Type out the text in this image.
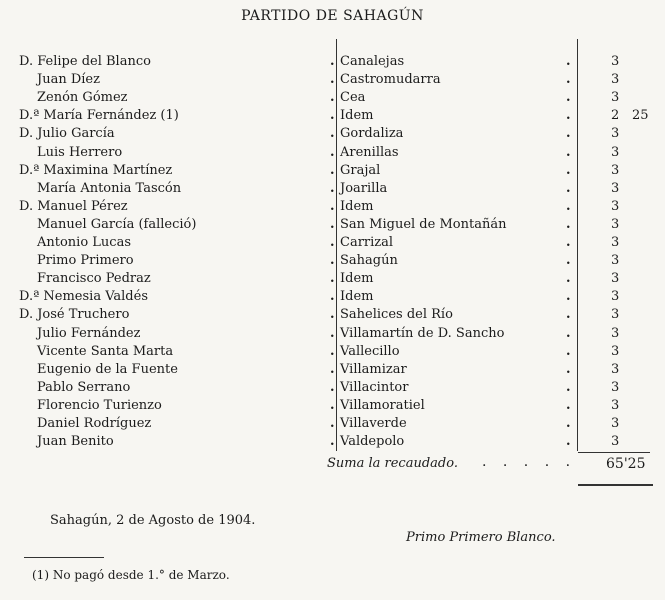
PARTIDO DE SAHAGÚN
D. Felipe del Blanco	. Canalejas	.	3
Juan Díez	. Castromudarra	.	3
Zenón Gómez	. Cea	.	3
D.ª María Fernández (1)	. Idem	.	2 25
D. Julio García	. Gordaliza	.	3
Luis Herrero	. Arenillas	.	3
D.ª Maximina Martínez	. Grajal	.	3
María Antonia Tascón	. Joarilla	.	3
D. Manuel Pérez	. Idem	.	3
Manuel García (falleció)	. San Miguel de Montañán	.	3
Antonio Lucas	. Carrizal	.	3
Primo Primero	. Sahagún	.	3
Francisco Pedraz	. Idem	.	3
D.ª Nemesia Valdés	. Idem	.	3
D. José Truchero	. Sahelices del Río	.	3
Julio Fernández	. Villamartín de D. Sancho	.	3
Vicente Santa Marta	. Vallecillo	.	3
Eugenio de la Fuente	. Villamizar	.	3
Pablo Serrano	. Villacintor	.	3
Florencio Turienzo	. Villamoratiel	.	3
Daniel Rodríguez	. Villaverde	.	3
Juan Benito	. Valdepolo	.	3
Suma la recaudado. . . . . . 65'25
Sahagún, 2 de Agosto de 1904.
Primo Primero Blanco.
(1) No pagó desde 1.° de Marzo.
